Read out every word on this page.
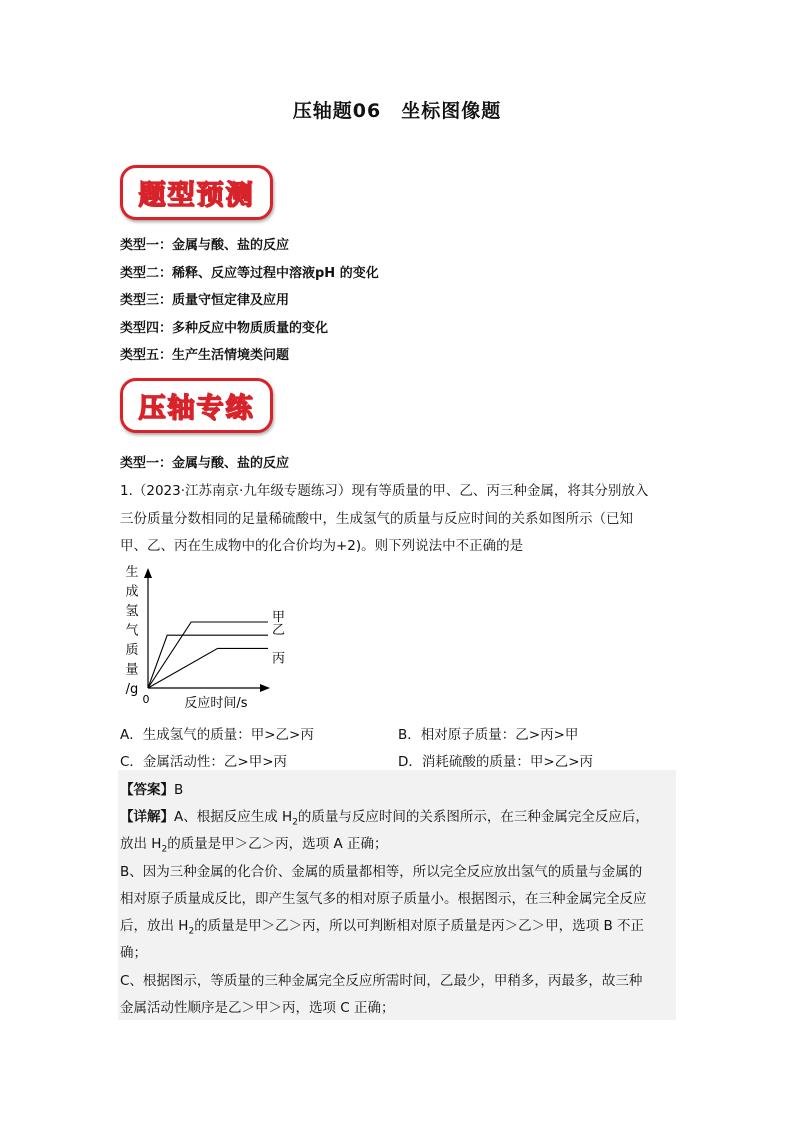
压轴题06　坐标图像题
题型预测
类型一：金属与酸、盐的反应
类型二：稀释、反应等过程中溶液pH 的变化
类型三：质量守恒定律及应用
类型四：多种反应中物质质量的变化
类型五：生产生活情境类问题
压轴专练
类型一：金属与酸、盐的反应
1.（2023·江苏南京·九年级专题练习）现有等质量的甲、乙、丙三种金属，将其分别放入
三份质量分数相同的足量稀硫酸中，生成氢气的质量与反应时间的关系如图所示（已知
甲、乙、丙在生成物中的化合价均为+2)。则下列说法中不正确的是
生
成
氢
气
质
量
/g
0	反应时间/s
甲
乙
丙
A．生成氢气的质量：甲>乙>丙	B．相对原子质量：乙>丙>甲
C．金属活动性：乙>甲>丙	D．消耗硫酸的质量：甲>乙>丙
【答案】B
【详解】A、根据反应生成 $H_2$的质量与反应时间的关系图所示，在三种金属完全反应后，
放出 $H_2$的质量是甲＞乙＞丙，选项 A 正确；
B、因为三种金属的化合价、金属的质量都相等，所以完全反应放出氢气的质量与金属的
相对原子质量成反比，即产生氢气多的相对原子质量小。根据图示，在三种金属完全反应
后，放出 $H_2$的质量是甲＞乙＞丙，所以可判断相对原子质量是丙＞乙＞甲，选项 B 不正
确；
C、根据图示，等质量的三种金属完全反应所需时间，乙最少，甲稍多，丙最多，故三种
金属活动性顺序是乙＞甲＞丙，选项 C 正确；
